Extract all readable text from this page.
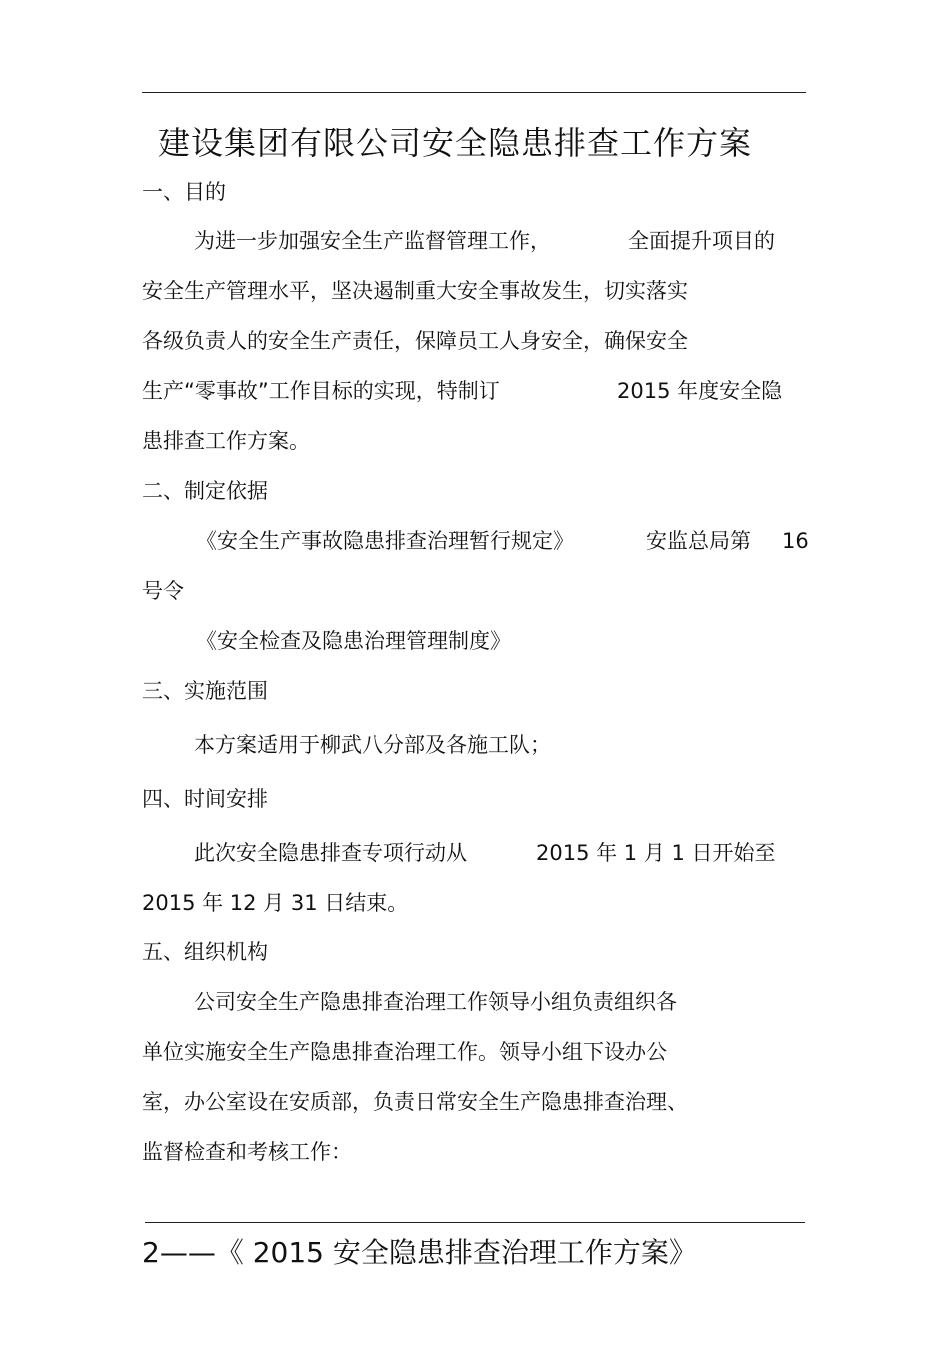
建设集团有限公司安全隐患排查工作方案
一、目的
为进一步加强安全生产监督管理工作，	全面提升项目的
安全生产管理水平，坚决遏制重大安全事故发生，切实落实
各级负责人的安全生产责任，保障员工人身安全，确保安全
生产“零事故”工作目标的实现，特制订	2015 年度安全隐
患排查工作方案。
二、制定依据
《安全生产事故隐患排查治理暂行规定》	安监总局第 16
号令
《安全检查及隐患治理管理制度》
三、实施范围
本方案适用于柳武八分部及各施工队；
四、时间安排
此次安全隐患排查专项行动从	2015 年 1 月 1 日开始至
2015 年 12 月 31 日结束。
五、组织机构
公司安全生产隐患排查治理工作领导小组负责组织各
单位实施安全生产隐患排查治理工作。领导小组下设办公
室，办公室设在安质部，负责日常安全生产隐患排查治理、
监督检查和考核工作：
2——《 2015 安全隐患排查治理工作方案》
